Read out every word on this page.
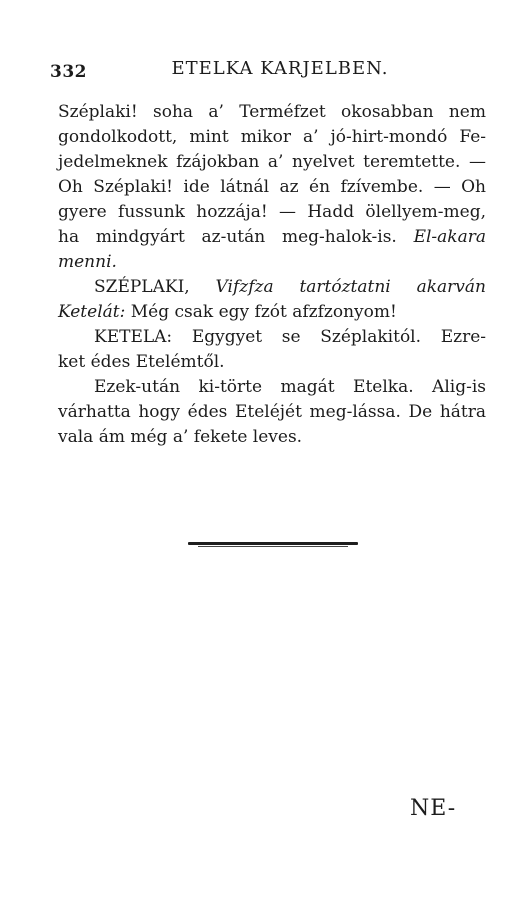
332	ETELKA KARJELBEN.
Széplaki! soha a’ Terméfzet okosabban nem
gondolkodott, mint mikor a’ jó-hirt-mondó Fe-
jedelmeknek fzájokban a’ nyelvet teremtette. —
Oh Széplaki! ide látnál az én fzívembe. — Oh
gyere fussunk hozzája! — Hadd ölellyem-meg,
ha mindgyárt az-után meg-halok-is. El-akara
menni.
SZÉPLAKI, Vifzfza tartóztatni akarván
Ketelát: Még csak egy fzót afzfzonyom!
KETELA: Egygyet se Széplakitól. Ezre-
ket édes Etelémtől.
Ezek-után ki-törte magát Etelka. Alig-is
várhatta hogy édes Eteléjét meg-lássa. De hátra
vala ám még a’ fekete leves.
NE-
